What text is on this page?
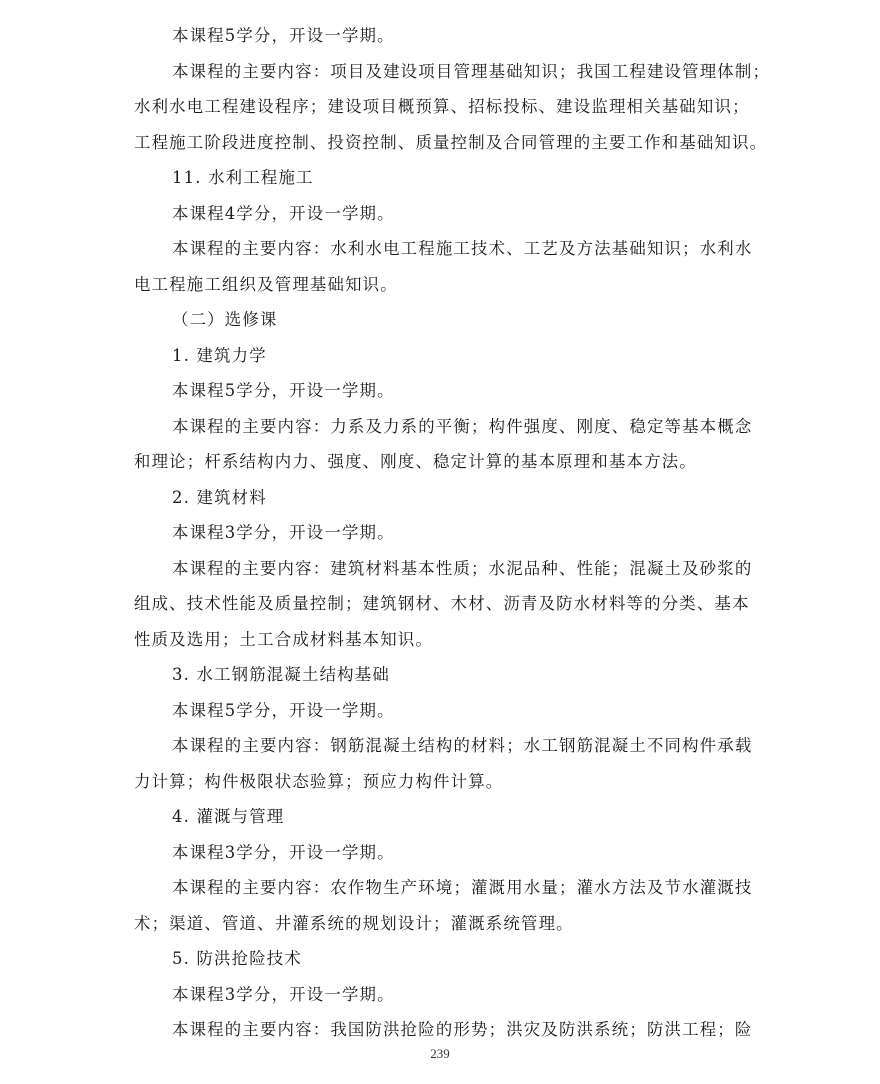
本课程5学分，开设一学期。
本课程的主要内容：项目及建设项目管理基础知识；我国工程建设管理体制；
水利水电工程建设程序；建设项目概预算、招标投标、建设监理相关基础知识；
工程施工阶段进度控制、投资控制、质量控制及合同管理的主要工作和基础知识。
11. 水利工程施工
本课程4学分，开设一学期。
本课程的主要内容：水利水电工程施工技术、工艺及方法基础知识；水利水
电工程施工组织及管理基础知识。
（二）选修课
1. 建筑力学
本课程5学分，开设一学期。
本课程的主要内容：力系及力系的平衡；构件强度、刚度、稳定等基本概念
和理论；杆系结构内力、强度、刚度、稳定计算的基本原理和基本方法。
2. 建筑材料
本课程3学分，开设一学期。
本课程的主要内容：建筑材料基本性质；水泥品种、性能；混凝土及砂浆的
组成、技术性能及质量控制；建筑钢材、木材、沥青及防水材料等的分类、基本
性质及选用；土工合成材料基本知识。
3. 水工钢筋混凝土结构基础
本课程5学分，开设一学期。
本课程的主要内容：钢筋混凝土结构的材料；水工钢筋混凝土不同构件承载
力计算；构件极限状态验算；预应力构件计算。
4. 灌溉与管理
本课程3学分，开设一学期。
本课程的主要内容：农作物生产环境；灌溉用水量；灌水方法及节水灌溉技
术；渠道、管道、井灌系统的规划设计；灌溉系统管理。
5. 防洪抢险技术
本课程3学分，开设一学期。
本课程的主要内容：我国防洪抢险的形势；洪灾及防洪系统；防洪工程；险
239
